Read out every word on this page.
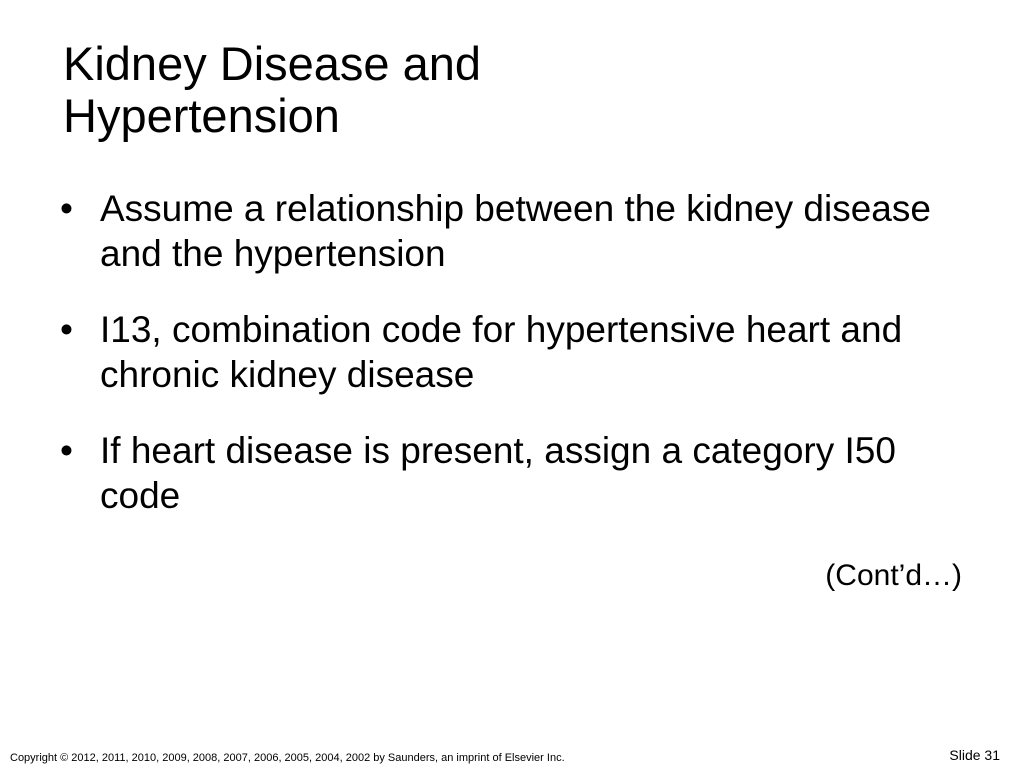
Kidney Disease and
Hypertension
• Assume a relationship between the kidney disease and the hypertension
• I13, combination code for hypertensive heart and chronic kidney disease
• If heart disease is present, assign a category I50 code
(Cont’d…)
Copyright © 2012, 2011, 2010, 2009, 2008, 2007, 2006, 2005, 2004, 2002 by Saunders, an imprint of Elsevier Inc.	Slide 31
